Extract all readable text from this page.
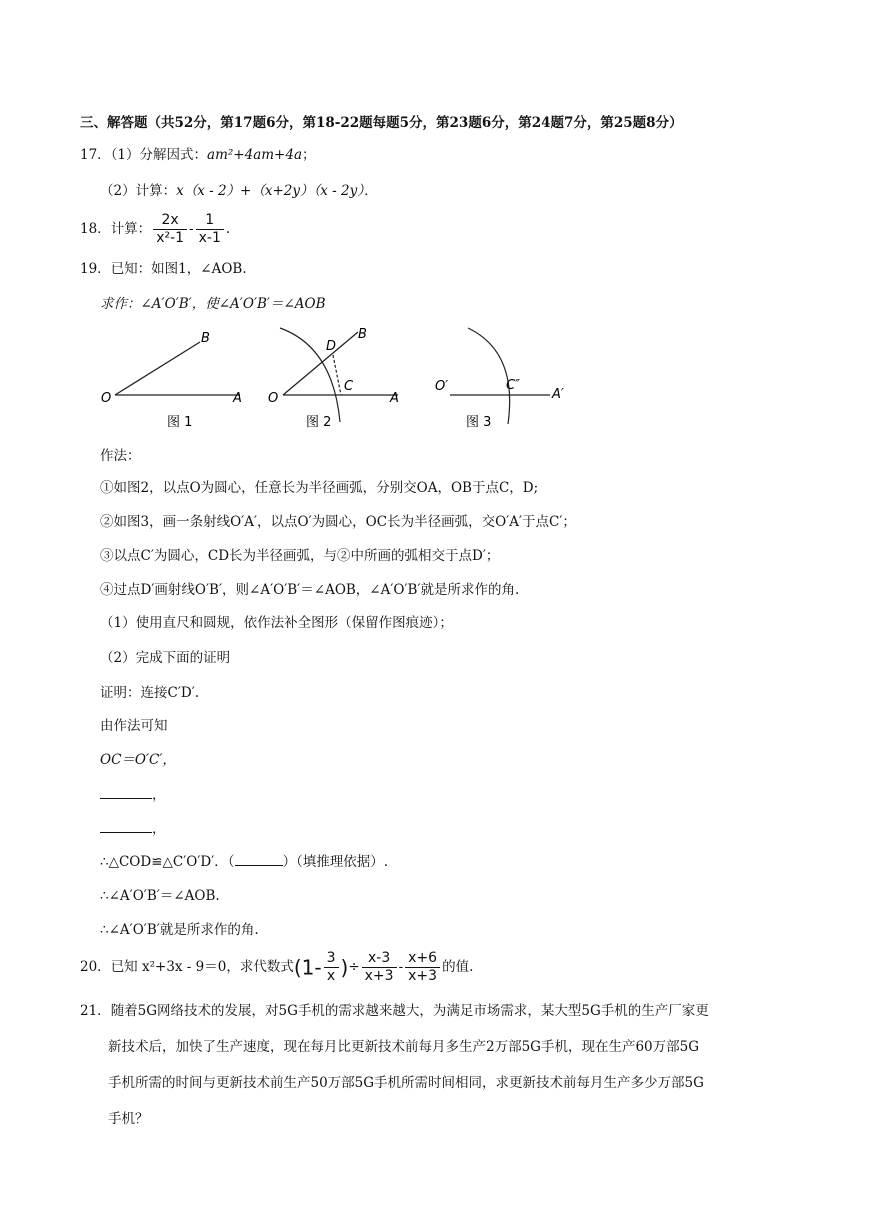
三、解答题（共52分，第17题6分，第18-22题每题5分，第23题6分，第24题7分，第25题8分）
17．（1）分解因式：am²+4am+4a；
（2）计算：x（x - 2）+（x+2y）（x - 2y）．
18．计算： $\frac{2x}{\text{x²-1}} - \frac{1}{x-1}$ .
19．已知：如图1，∠AOB.
求作：∠A′O′B′，使∠A′O′B′＝∠AOB
O	A
B
图 1
O	A
B
C
D
图 2
O′
A′
C″
图 3
作法：
①如图2，以点O为圆心，任意长为半径画弧，分别交OA，OB于点C，D;
②如图3，画一条射线O′A′，以点O′为圆心，OC长为半径画弧，交O′A′于点C′；
③以点C′为圆心，CD长为半径画弧，与②中所画的弧相交于点D′；
④过点D′画射线O′B′，则∠A′O′B′＝∠AOB，∠A′O′B′就是所求作的角.
（1）使用直尺和圆规，依作法补全图形（保留作图痕迹）；
（2）完成下面的证明
证明：连接C′D′.
由作法可知
OC＝O′C′，
，
，
∴△COD≌△C′O′D′．（	）（填推理依据）.
∴∠A′O′B′＝∠AOB.
∴∠A′O′B′就是所求作的角.
20．已知 x²+3x - 9＝0，求代数式($1- \frac{3}{x}$ )÷ $\frac{x-3}{x+3} - \frac{x+6}{x+3}$ 的值.
21．随着5G网络技术的发展，对5G手机的需求越来越大，为满足市场需求，某大型5G手机的生产厂家更
新技术后，加快了生产速度，现在每月比更新技术前每月多生产2万部5G手机，现在生产60万部5G
手机所需的时间与更新技术前生产50万部5G手机所需时间相同，求更新技术前每月生产多少万部5G
手机？
